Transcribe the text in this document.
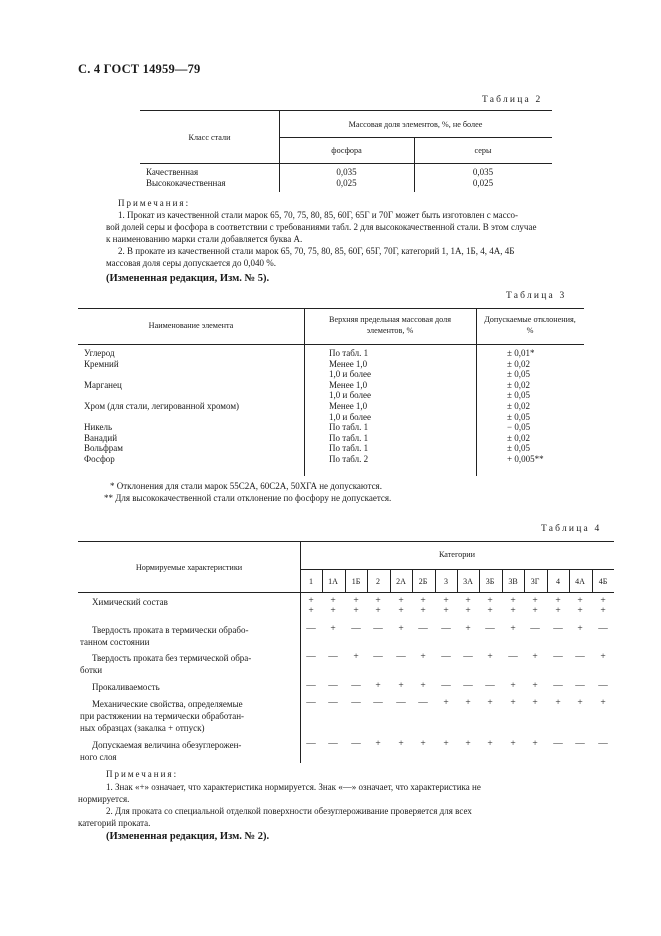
С. 4 ГОСТ 14959—79
Таблица 2
Класс стали
Массовая доля элементов, %, не более
фосфора	серы
Качественная	0,035	0,035
Высококачественная	0,025	0,025
Примечания:
1. Прокат из качественной стали марок 65, 70, 75, 80, 85, 60Г, 65Г и 70Г может быть изготовлен с массо-
вой долей серы и фосфора в соответствии с требованиями табл. 2 для высококачественной стали. В этом случае
к наименованию марки стали добавляется буква А.
2. В прокате из качественной стали марок 65, 70, 75, 80, 85, 60Г, 65Г, 70Г, категорий 1, 1А, 1Б, 4, 4А, 4Б
массовая доля серы допускается до 0,040 %.
(Измененная редакция, Изм. № 5).
Таблица 3
Наименование элемента
Верхняя предельная массовая доля
элементов, %
Допускаемые отклонения,
%
Углерод	По табл. 1	± 0,01*
Кремний	Менее 1,0	± 0,02
1,0 и более	± 0,05
Марганец	Менее 1,0	± 0,02
1,0 и более	± 0,05
Хром (для стали, легированной хромом)	Менее 1,0	± 0,02
1,0 и более	± 0,05
Никель	По табл. 1	− 0,05
Ванадий	По табл. 1	± 0,02
Вольфрам	По табл. 1	± 0,05
Фосфор	По табл. 2	+ 0,005**
* Отклонения для стали марок 55С2А, 60С2А, 50ХГА не допускаются.
** Для высококачественной стали отклонение по фосфору не допускается.
Таблица 4
Нормируемые характеристики
Категории
1	1А	1Б	2	2А	2Б	3	3А	3Б	3В	3Г	4	4А	4Б
Химический состав	+	+	+	+	+	+	+	+	+	+	+	+	+	+
+	+	+	+	+	+	+	+	+	+	+	+	+	+
Твердость проката в термически обрабо-
танном состоянии
—	+	—	—	+	—	—	+	—	+	—	—	+	—
Твердость проката без термической обра-
ботки
—	—	+	—	—	+	—	—	+	—	+	—	—	+
Прокаливаемость	—	—	—	+	+	+	—	—	—	+	+	—	—	—
Механические свойства, определяемые
при растяжении на термически обработан-
ных образцах (закалка + отпуск)
—	—	—	—	—	—	+	+	+	+	+	+	+	+
Допускаемая величина обезуглерожен-
ного слоя
—	—	—	+	+	+	+	+	+	+	+	—	—	—
Примечания:
1. Знак «+» означает, что характеристика нормируется. Знак «—» означает, что характеристика не
нормируется.
2. Для проката со специальной отделкой поверхности обезуглероживание проверяется для всех
категорий проката.
(Измененная редакция, Изм. № 2).
